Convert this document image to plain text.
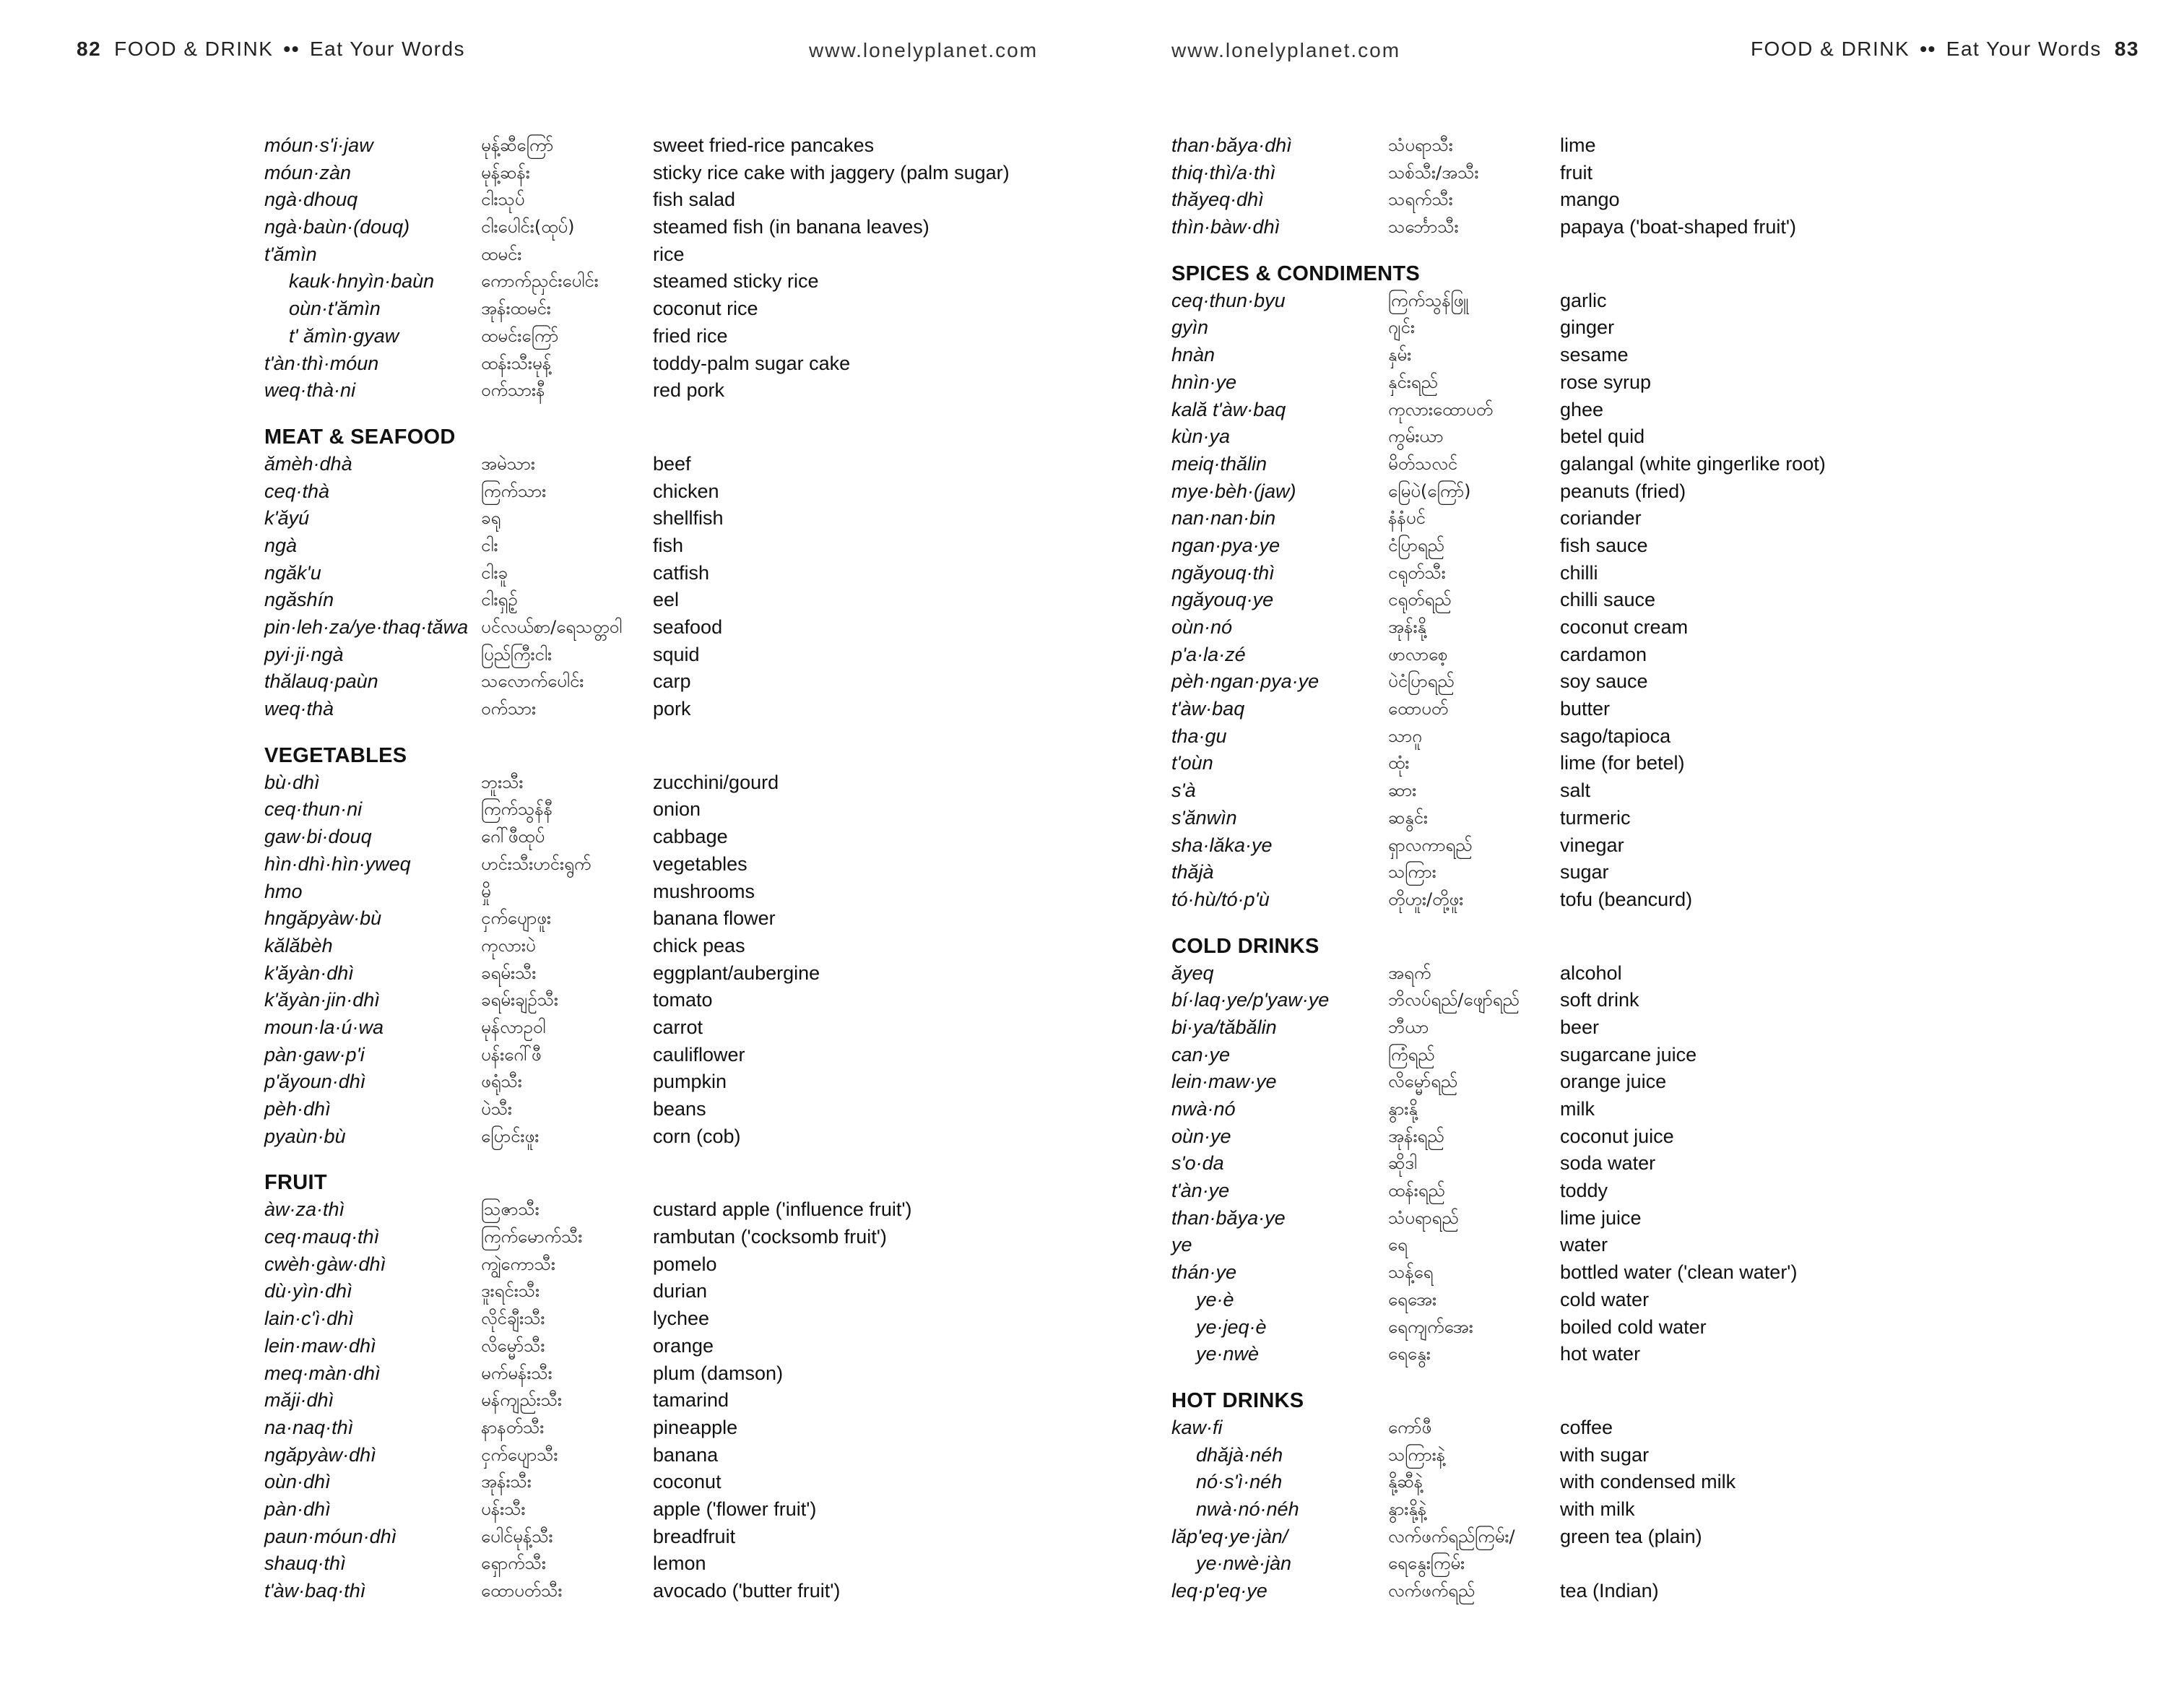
82 FOOD & DRINK •• Eat Your Words	www.lonelyplanet.com	www.lonelyplanet.com	FOOD & DRINK •• Eat Your Words 83
móun·s'i·jaw	မုန့်ဆီကြော်	sweet fried-rice pancakes
móun·zàn	မုန့်ဆန်း	sticky rice cake with jaggery (palm sugar)
ngà·dhouq	ငါးသုပ်	fish salad
ngà·baùn·(douq)	ငါးပေါင်း(ထုပ်)	steamed fish (in banana leaves)
t'ămìn	ထမင်း	rice
kauk·hnyìn·baùn	ကောက်ညှင်းပေါင်း	steamed sticky rice
oùn·t'ămìn	အုန်းထမင်း	coconut rice
t' ămìn·gyaw	ထမင်းကြော်	fried rice
t'àn·thì·móun	ထန်းသီးမုန့်	toddy-palm sugar cake
weq·thà·ni	ဝက်သားနီ	red pork
MEAT & SEAFOOD
ămèh·dhà	အမဲသား	beef
ceq·thà	ကြက်သား	chicken
k'ăyú	ခရု	shellfish
ngà	ငါး	fish
ngăk'u	ငါးခူ	catfish
ngăshín	ငါးရှဉ့်	eel
pin·leh·za/ye·thaq·tăwa ပင်လယ်စာ/ရေသတ္တဝါ	seafood
pyi·ji·ngà	ပြည်ကြီးငါး	squid
thălauq·paùn	သလောက်ပေါင်း	carp
weq·thà	ဝက်သား	pork
VEGETABLES
bù·dhì	ဘူးသီး	zucchini/gourd
ceq·thun·ni	ကြက်သွန်နီ	onion
gaw·bi·douq	ဂေါ်ဖီထုပ်	cabbage
hìn·dhì·hìn·yweq	ဟင်းသီးဟင်းရွက်	vegetables
hmo	မှို	mushrooms
hngăpyàw·bù	ငှက်ပျောဖူး	banana flower
kălăbèh	ကုလားပဲ	chick peas
k'ăyàn·dhì	ခရမ်းသီး	eggplant/aubergine
k'ăyàn·jin·dhì	ခရမ်းချဉ်သီး	tomato
moun·la·ú·wa	မုန်လာဥဝါ	carrot
pàn·gaw·p'i	ပန်းဂေါ်ဖီ	cauliflower
p'ăyoun·dhì	ဖရုံသီး	pumpkin
pèh·dhì	ပဲသီး	beans
pyaùn·bù	ပြောင်းဖူး	corn (cob)
FRUIT
àw·za·thì	သြဇာသီး	custard apple ('influence fruit')
ceq·mauq·thì	ကြက်မောက်သီး	rambutan ('cocksomb fruit')
cwèh·gàw·dhì	ကျွဲကောသီး	pomelo
dù·yìn·dhì	ဒူးရင်းသီး	durian
lain·c'ì·dhì	လိုင်ချီးသီး	lychee
lein·maw·dhì	လိမ္မော်သီး	orange
meq·màn·dhì	မက်မန်းသီး	plum (damson)
măji·dhì	မန်ကျည်းသီး	tamarind
na·naq·thì	နာနတ်သီး	pineapple
ngăpyàw·dhì	ငှက်ပျောသီး	banana
oùn·dhì	အုန်းသီး	coconut
pàn·dhì	ပန်းသီး	apple ('flower fruit')
paun·móun·dhì	ပေါင်မုန့်သီး	breadfruit
shauq·thì	ရှောက်သီး	lemon
t'àw·baq·thì	ထောပတ်သီး	avocado ('butter fruit')
than·băya·dhì	သံပရာသီး	lime
thiq·thì/a·thì	သစ်သီး/အသီး	fruit
thăyeq·dhì	သရက်သီး	mango
thìn·bàw·dhì	သင်္ဘောသီး	papaya ('boat-shaped fruit')
SPICES & CONDIMENTS
ceq·thun·byu	ကြက်သွန်ဖြူ	garlic
gyìn	ဂျင်း	ginger
hnàn	နှမ်း	sesame
hnìn·ye	နှင်းရည်	rose syrup
kală t'àw·baq	ကုလားထောပတ်	ghee
kùn·ya	ကွမ်းယာ	betel quid
meiq·thălin	မိတ်သလင်	galangal (white gingerlike root)
mye·bèh·(jaw)	မြေပဲ(ကြော်)	peanuts (fried)
nan·nan·bin	နံနံပင်	coriander
ngan·pya·ye	ငံပြာရည်	fish sauce
ngăyouq·thì	ငရုတ်သီး	chilli
ngăyouq·ye	ငရုတ်ရည်	chilli sauce
oùn·nó	အုန်းနို့	coconut cream
p'a·la·zé	ဖာလာစေ့	cardamon
pèh·ngan·pya·ye	ပဲငံပြာရည်	soy sauce
t'àw·baq	ထောပတ်	butter
tha·gu	သာဂူ	sago/tapioca
t'oùn	ထုံး	lime (for betel)
s'à	ဆား	salt
s'ănwìn	ဆနွင်း	turmeric
sha·lăka·ye	ရှာလကာရည်	vinegar
thăjà	သကြား	sugar
tó·hù/tó·p'ù	တိုဟူး/တို့ဖူး	tofu (beancurd)
COLD DRINKS
ăyeq	အရက်	alcohol
bí·laq·ye/p'yaw·ye	ဘိလပ်ရည်/ဖျော်ရည်	soft drink
bi·ya/tăbălin	ဘီယာ	beer
can·ye	ကြံရည်	sugarcane juice
lein·maw·ye	လိမ္မော်ရည်	orange juice
nwà·nó	နွားနို့	milk
oùn·ye	အုန်းရည်	coconut juice
s'o·da	ဆိုဒါ	soda water
t'àn·ye	ထန်းရည်	toddy
than·băya·ye	သံပရာရည်	lime juice
ye	ရေ	water
thán·ye	သန့်ရေ	bottled water ('clean water')
ye·è	ရေအေး	cold water
ye·jeq·è	ရေကျက်အေး	boiled cold water
ye·nwè	ရေနွေး	hot water
HOT DRINKS
kaw·fi	ကော်ဖီ	coffee
dhăjà·néh	သကြားနဲ့	with sugar
nó·s'ì·néh	နို့ဆီနဲ့	with condensed milk
nwà·nó·néh	နွားနို့နဲ့	with milk
lăp'eq·ye·jàn/	လက်ဖက်ရည်ကြမ်း/	green tea (plain)
ye·nwè·jàn	ရေနွေးကြမ်း
leq·p'eq·ye	လက်ဖက်ရည်	tea (Indian)
